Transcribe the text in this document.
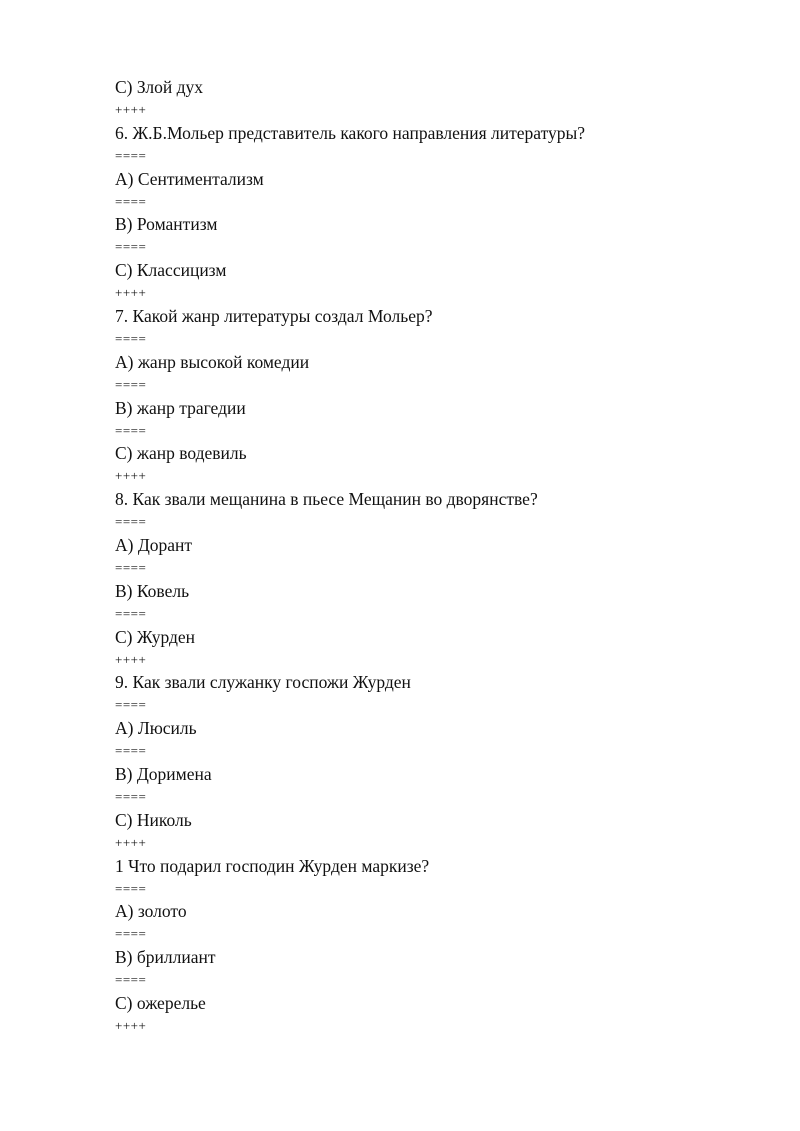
C) Злой дух
++++
6. Ж.Б.Мольер представитель какого направления литературы?
====
A) Сентиментализм
====
B) Романтизм
====
C) Классицизм
++++
7. Какой жанр литературы создал Мольер?
====
A) жанр высокой комедии
====
B) жанр трагедии
====
C) жанр водевиль
++++
8. Как звали мещанина в пьесе Мещанин во дворянстве?
====
A) Дорант
====
B) Ковель
====
C) Журден
++++
9. Как звали служанку госпожи Журден
====
A) Люсиль
====
B) Доримена
====
C) Николь
++++
1 Что подарил господин Журден маркизе?
====
A) золото
====
B) бриллиант
====
C) ожерелье
++++
